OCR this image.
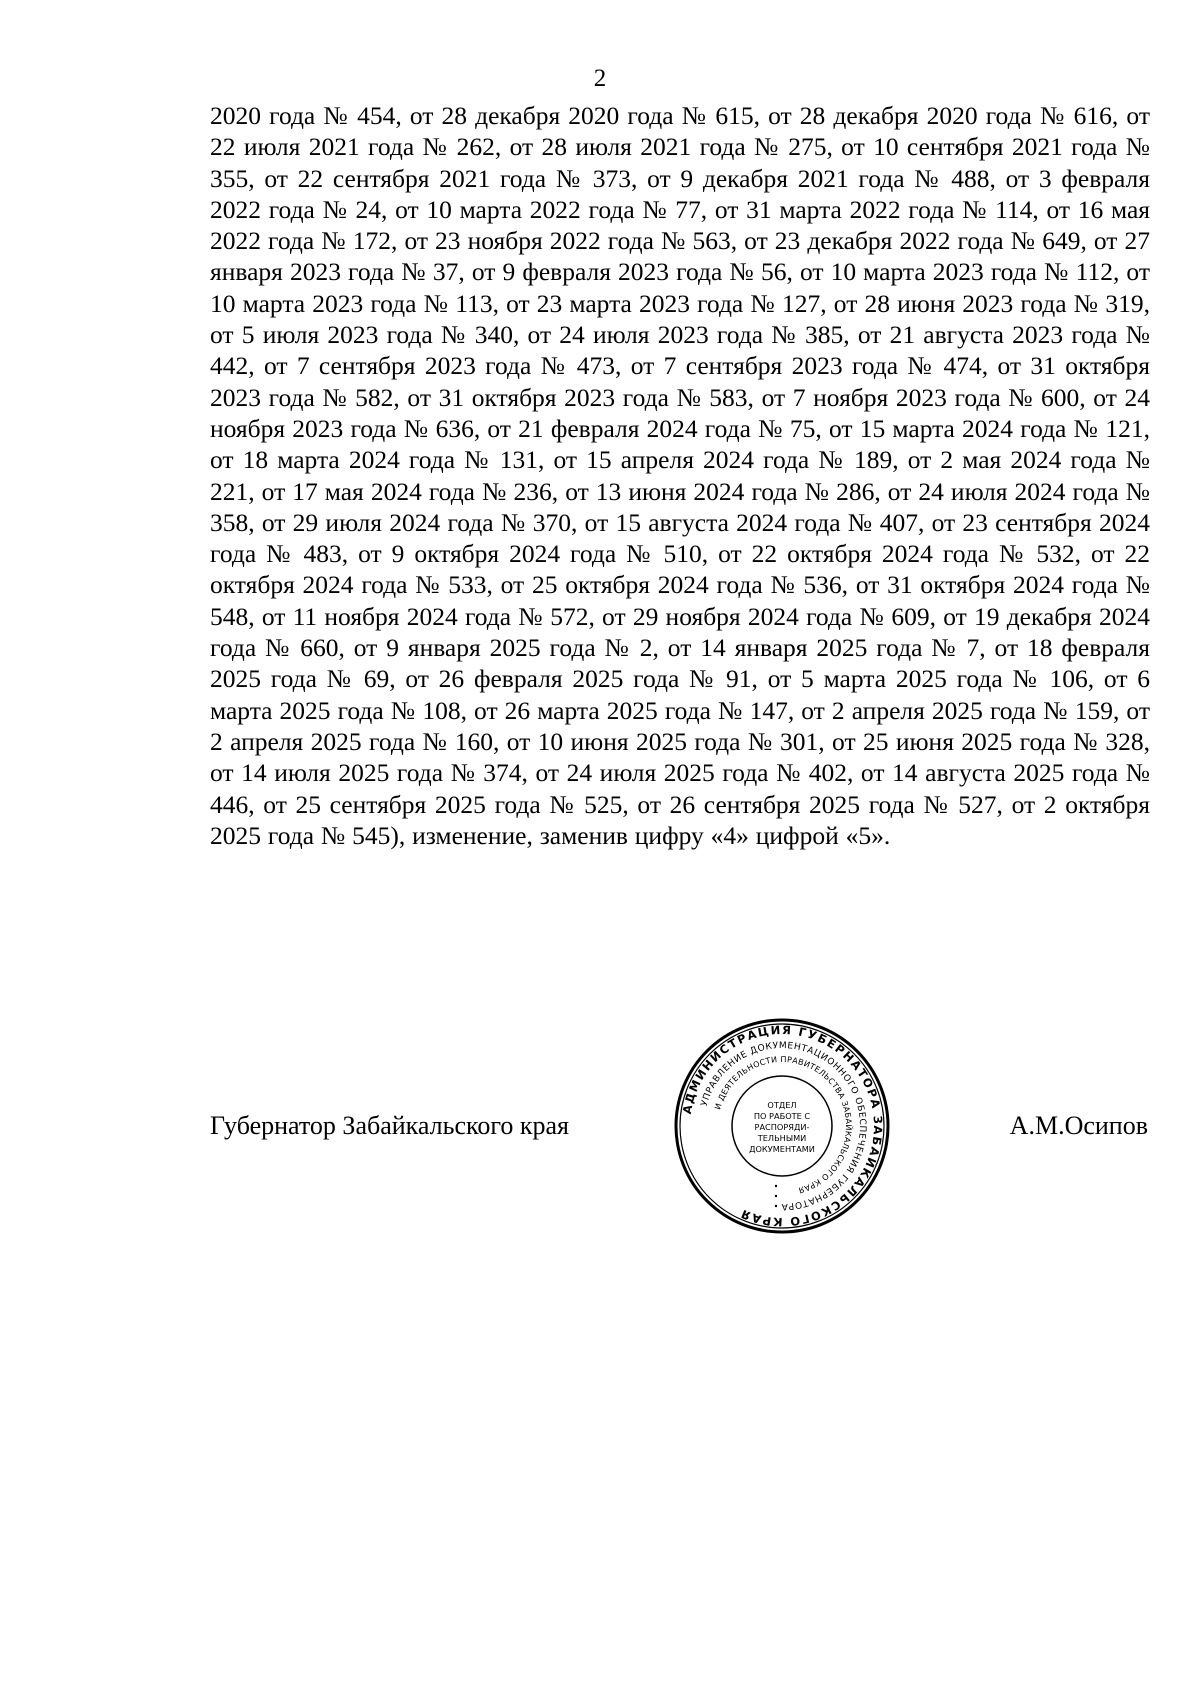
2

2020 года № 454, от 28 декабря 2020 года № 615, от 28 декабря 2020 года № 616, от 22 июля 2021 года № 262, от 28 июля 2021 года № 275, от 10 сентября 2021 года № 355, от 22 сентября 2021 года № 373, от 9 декабря 2021 года № 488, от 3 февраля 2022 года № 24, от 10 марта 2022 года № 77, от 31 марта 2022 года № 114, от 16 мая 2022 года № 172, от 23 ноября 2022 года № 563, от 23 декабря 2022 года № 649, от 27 января 2023 года № 37, от 9 февраля 2023 года № 56, от 10 марта 2023 года № 112, от 10 марта 2023 года № 113, от 23 марта 2023 года № 127, от 28 июня 2023 года № 319, от 5 июля 2023 года № 340, от 24 июля 2023 года № 385, от 21 августа 2023 года № 442, от 7 сентября 2023 года № 473, от 7 сентября 2023 года № 474, от 31 октября 2023 года № 582, от 31 октября 2023 года № 583, от 7 ноября 2023 года № 600, от 24 ноября 2023 года № 636, от 21 февраля 2024 года № 75, от 15 марта 2024 года № 121, от 18 марта 2024 года № 131, от 15 апреля 2024 года № 189, от 2 мая 2024 года № 221, от 17 мая 2024 года № 236, от 13 июня 2024 года № 286, от 24 июля 2024 года № 358, от 29 июля 2024 года № 370, от 15 августа 2024 года № 407, от 23 сентября 2024 года № 483, от 9 октября 2024 года № 510, от 22 октября 2024 года № 532, от 22 октября 2024 года № 533, от 25 октября 2024 года № 536, от 31 октября 2024 года № 548, от 11 ноября 2024 года № 572, от 29 ноября 2024 года № 609, от 19 декабря 2024 года № 660, от 9 января 2025 года № 2, от 14 января 2025 года № 7, от 18 февраля 2025 года № 69, от 26 февраля 2025 года № 91, от 5 марта 2025 года № 106, от 6 марта 2025 года № 108, от 26 марта 2025 года № 147, от 2 апреля 2025 года № 159, от 2 апреля 2025 года № 160, от 10 июня 2025 года № 301, от 25 июня 2025 года № 328, от 14 июля 2025 года № 374, от 24 июля 2025 года № 402, от 14 августа 2025 года № 446, от 25 сентября 2025 года № 525, от 26 сентября 2025 года № 527, от 2 октября 2025 года № 545), изменение, заменив цифру «4» цифрой «5».

Губернатор Забайкальского края
АДМИНИСТРАЦИЯ ГУБЕРНАТОРА ЗАБАЙКАЛЬСКОГО КРАЯ
УПРАВЛЕНИЕ ДОКУМЕНТАЦИОННОГО ОБЕСПЕЧЕНИЯ ГУБЕРНАТОРА
И ДЕЯТЕЛЬНОСТИ ПРАВИТЕЛЬСТВА ЗАБАЙКАЛЬСКОГО КРАЯ
ОТДЕЛ
ПО РАБОТЕ С
РАСПОРЯДИ-
ТЕЛЬНЫМИ
ДОКУМЕНТАМИ
А.М.Осипов
